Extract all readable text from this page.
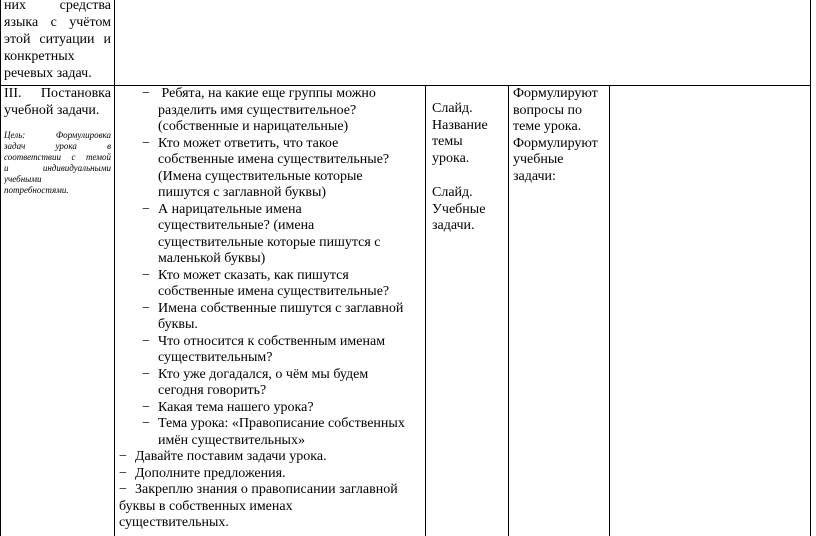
них средства
языка с учётом
этой ситуации и
конкретных
речевых задач.
III. Постановка
учебной задачи.
Цель: Формулировка
задач урока в
соответствии с темой
и индивидуальными
учебными
потребностями.
− Ребята, на какие еще группы можно
разделить имя существительное?
(собственные и нарицательные)
− Кто может ответить, что такое
собственные имена существительные?
(Имена существительные которые
пишутся с заглавной буквы)
− А нарицательные имена
существительные? (имена
существительные которые пишутся с
маленькой буквы)
− Кто может сказать, как пишутся
собственные имена существительные?
− Имена собственные пишутся с заглавной
буквы.
− Что относится к собственным именам
существительным?
− Кто уже догадался, о чём мы будем
сегодня говорить?
− Какая тема нашего урока?
− Тема урока: «Правописание собственных
имён существительных»
− Давайте поставим задачи урока.
− Дополните предложения.
− Закреплю знания о правописании заглавной
буквы в собственных именах
существительных.
Слайд.
Название
темы
урока.
Слайд.
Учебные
задачи.
Формулируют
вопросы по
теме урока.
Формулируют
учебные
задачи:
